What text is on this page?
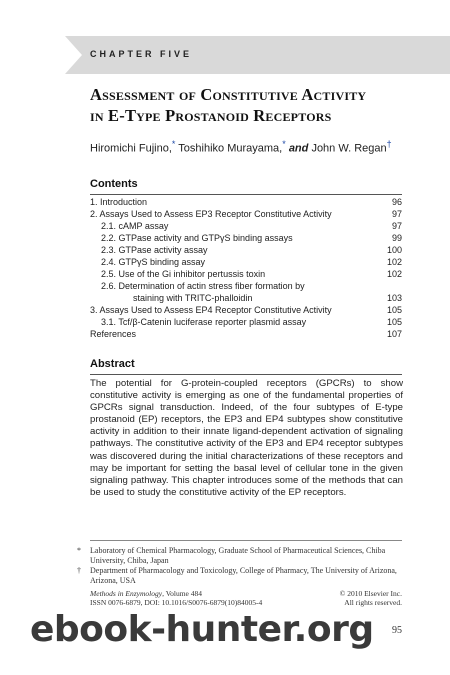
CHAPTER FIVE
Assessment of Constitutive Activity
in E-Type Prostanoid Receptors
Hiromichi Fujino,* Toshihiko Murayama,* and John W. Regan†
Contents
1. Introduction	96
2. Assays Used to Assess EP3 Receptor Constitutive Activity	97
2.1. cAMP assay	97
2.2. GTPase activity and GTPγS binding assays	99
2.3. GTPase activity assay	100
2.4. GTPγS binding assay	102
2.5. Use of the Gi inhibitor pertussis toxin	102
2.6. Determination of actin stress fiber formation by
staining with TRITC-phalloidin	103
3. Assays Used to Assess EP4 Receptor Constitutive Activity	105
3.1. Tcf/β-Catenin luciferase reporter plasmid assay	105
References	107
Abstract
The potential for G-protein-coupled receptors (GPCRs) to show constitutive activity is emerging as one of the fundamental properties of GPCRs signal transduction. Indeed, of the four subtypes of E-type prostanoid (EP) receptors, the EP3 and EP4 subtypes show constitutive activity in addition to their innate ligand-dependent activation of signaling pathways. The constitutive activity of the EP3 and EP4 receptor subtypes was discovered during the initial characterizations of these receptors and may be important for setting the basal level of cellular tone in the given signaling pathway. This chapter introduces some of the methods that can be used to study the constitutive activity of the EP receptors.
* Laboratory of Chemical Pharmacology, Graduate School of Pharmaceutical Sciences, Chiba University, Chiba, Japan
† Department of Pharmacology and Toxicology, College of Pharmacy, The University of Arizona, Arizona, USA
Methods in Enzymology, Volume 484	© 2010 Elsevier Inc.
ISSN 0076-6879, DOI: 10.1016/S0076-6879(10)84005-4	All rights reserved.
95
ebook-hunter.org
